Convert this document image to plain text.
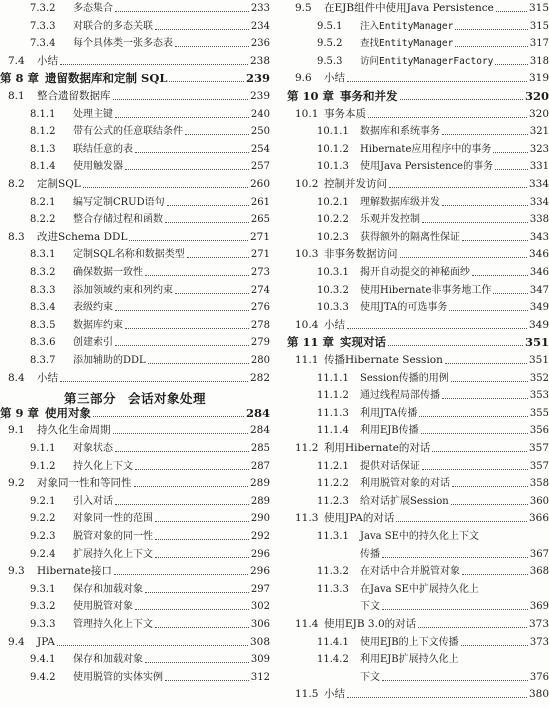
7.3.2	多态集合	233
7.3.3	对联合的多态关联	234
7.3.4	每个具体类一张多态表	236
7.4	小结	238
第 8 章 遗留数据库和定制 SQL	239
8.1	整合遗留数据库	239
8.1.1	处理主键	240
8.1.2	带有公式的任意联结条件	250
8.1.3	联结任意的表	254
8.1.4	使用触发器	257
8.2	定制SQL	260
8.2.1	编写定制CRUD语句	261
8.2.2	整合存储过程和函数	265
8.3	改进Schema DDL	271
8.3.1	定制SQL名称和数据类型	271
8.3.2	确保数据一致性	273
8.3.3	添加领域约束和列约束	274
8.3.4	表级约束	276
8.3.5	数据库约束	278
8.3.6	创建索引	279
8.3.7	添加辅助的DDL	280
8.4	小结	282
第三部分 会话对象处理
第 9 章 使用对象	284
9.1	持久化生命周期	284
9.1.1	对象状态	285
9.1.2	持久化上下文	287
9.2	对象同一性和等同性	289
9.2.1	引入对话	289
9.2.2	对象同一性的范围	290
9.2.3	脱管对象的同一性	292
9.2.4	扩展持久化上下文	296
9.3	Hibernate接口	296
9.3.1	保存和加载对象	297
9.3.2	使用脱管对象	302
9.3.3	管理持久化上下文	306
9.4	JPA	308
9.4.1	保存和加载对象	309
9.4.2	使用脱管的实体实例	312
9.5	在EJB组件中使用Java Persistence	315
9.5.1	注入EntityManager	315
9.5.2	查找EntityManager	317
9.5.3	访问EntityManagerFactory	318
9.6	小结	319
第 10 章 事务和并发	320
10.1 事务本质	320
10.1.1	数据库和系统事务	321
10.1.2	Hibernate应用程序中的事务	323
10.1.3	使用Java Persistence的事务	331
10.2 控制并发访问	334
10.2.1	理解数据库级并发	334
10.2.2	乐观并发控制	338
10.2.3	获得额外的隔离性保证	343
10.3 非事务数据访问	346
10.3.1	揭开自动提交的神秘面纱	346
10.3.2	使用Hibernate非事务地工作	347
10.3.3	使用JTA的可选事务	349
10.4 小结	349
第 11 章 实现对话	351
11.1 传播Hibernate Session	351
11.1.1	Session传播的用例	352
11.1.2	通过线程局部传播	353
11.1.3	利用JTA传播	355
11.1.4	利用EJB传播	356
11.2 利用Hibernate的对话	357
11.2.1	提供对话保证	357
11.2.2	利用脱管对象的对话	358
11.2.3	给对话扩展Session	360
11.3 使用JPA的对话	366
11.3.1	Java SE中的持久化上下文
传播	367
11.3.2	在对话中合并脱管对象	368
11.3.3	在Java SE中扩展持久化上
下文	369
11.4 使用EJB 3.0的对话	373
11.4.1	使用EJB的上下文传播	373
11.4.2	利用EJB扩展持久化上
下文	376
11.5 小结	380
